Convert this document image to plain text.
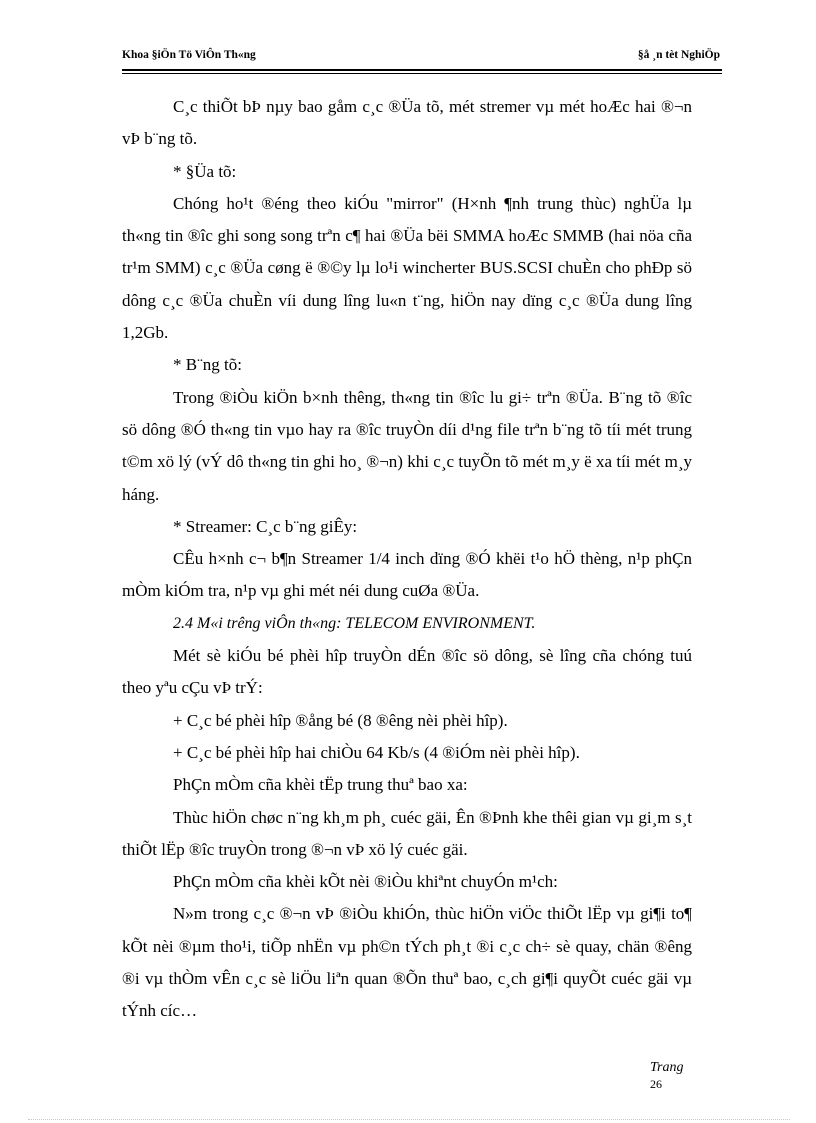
Khoa §iÖn Tö ViÔn Th«ng	§å ¸n tèt NghiÖp

C¸c thiÕt bÞ nµy bao gåm c¸c ®Üa tõ, mét stremer vµ mét hoÆc hai ®¬n vÞ b¨ng tõ.

* §Üa tõ:

Chóng ho¹t ®éng theo kiÓu "mirror" (H×nh ¶nh trung thùc) nghÜa lµ th«ng tin ®îc ghi song song trªn c¶ hai ®Üa bëi SMMA hoÆc SMMB (hai nöa cña tr¹m SMM) c¸c ®Üa cøng ë ®©y lµ lo¹i wincherter BUS.SCSI chuÈn cho phÐp sö dông c¸c ®Üa chuÈn víi dung lîng lu«n t¨ng, hiÖn nay dïng c¸c ®Üa dung lîng 1,2Gb.

* B¨ng tõ:

Trong ®iÒu kiÖn b×nh thêng, th«ng tin ®îc lu gi÷ trªn ®Üa. B¨ng tõ ®îc sö dông ®Ó th«ng tin vµo hay ra ®îc truyÒn díi d¹ng file trªn b¨ng tõ tíi mét trung t©m xö lý (vÝ dô th«ng tin ghi ho¸ ®¬n) khi c¸c tuyÕn tõ mét m¸y ë xa tíi mét m¸y háng.

* Streamer: C¸c b¨ng giÊy:

CÊu h×nh c¬ b¶n Streamer 1/4 inch dïng ®Ó khëi t¹o hÖ thèng, n¹p phÇn mÒm kiÓm tra, n¹p vµ ghi mét néi dung cuØa ®Üa.

2.4 M«i trêng viÔn th«ng: TELECOM ENVIRONMENT.

Mét sè kiÓu bé phèi hîp truyÒn dÉn ®îc sö dông, sè lîng cña chóng tuú theo yªu cÇu vÞ trÝ:

+ C¸c bé phèi hîp ®ång bé (8 ®êng nèi phèi hîp).

+ C¸c bé phèi hîp hai chiÒu 64 Kb/s (4 ®iÓm nèi phèi hîp).

PhÇn mÒm cña khèi tËp trung thuª bao xa:

Thùc hiÖn chøc n¨ng kh¸m ph¸ cuéc gäi, Ên ®Þnh khe thêi gian vµ gi¸m s¸t thiÕt lËp ®îc truyÒn trong ®¬n vÞ xö lý cuéc gäi.

PhÇn mÒm cña khèi kÕt nèi ®iÒu khiªnt chuyÓn m¹ch:

N»m trong c¸c ®¬n vÞ ®iÒu khiÓn, thùc hiÖn viÖc thiÕt lËp vµ gi¶i to¶ kÕt nèi ®µm tho¹i, tiÕp nhËn vµ ph©n tÝch ph¸t ®i c¸c ch÷ sè quay, chän ®êng ®i vµ thÒm vÊn c¸c sè liÖu liªn quan ®Õn thuª bao, c¸ch gi¶i quyÕt cuéc gäi vµ tÝnh cíc…

Trang
26
